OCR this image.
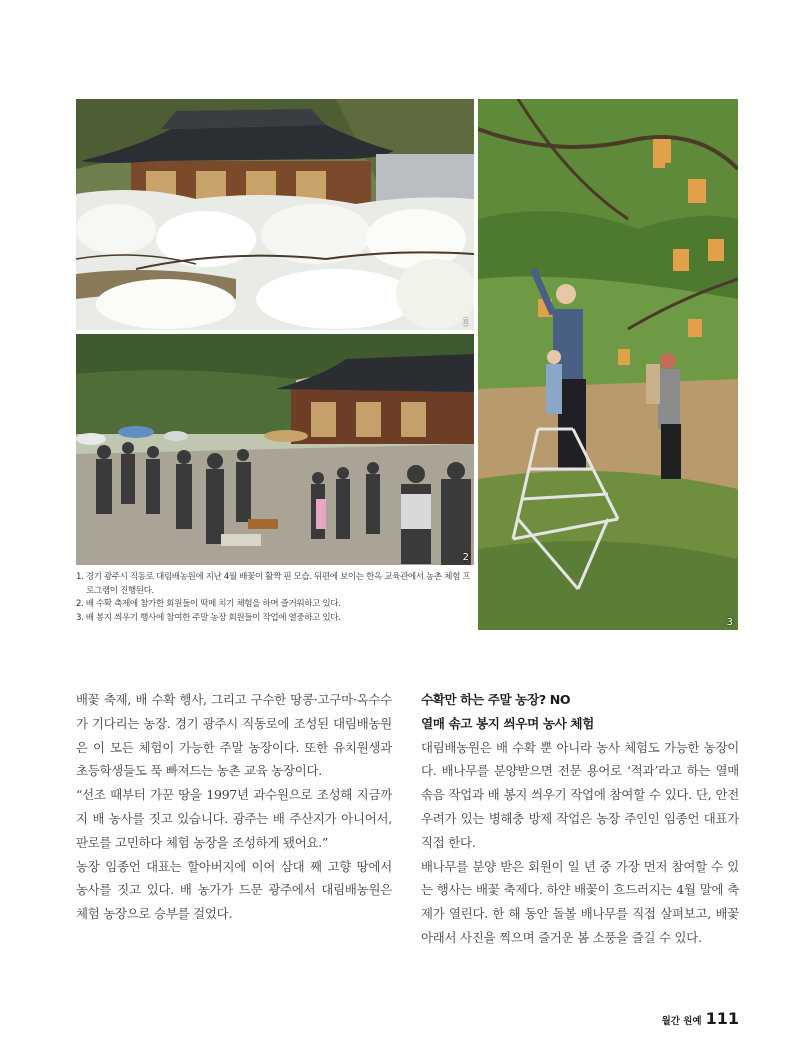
1
2
3

1. 경기 광주시 직동로 대림배농원에 지난 4월 배꽃이 활짝 핀 모습. 뒤편에 보이는 한옥 교육관에서 농촌 체험 프로그램이 진행된다.

2. 배 수확 축제에 참가한 회원들이 떡메 치기 체험을 하며 즐거워하고 있다.

3. 배 봉지 씌우기 행사에 참여한 주말 농장 회원들이 작업에 열중하고 있다.

배꽃 축제, 배 수확 행사, 그리고 구수한 땅콩·고구마·옥수수가 기다리는 농장. 경기 광주시 직동로에 조성된 대림배농원은 이 모든 체험이 가능한 주말 농장이다. 또한 유치원생과 초등학생들도 푹 빠져드는 농촌 교육 농장이다.

“선조 때부터 가꾼 땅을 1997년 과수원으로 조성해 지금까지 배 농사를 짓고 있습니다. 광주는 배 주산지가 아니어서, 판로를 고민하다 체험 농장을 조성하게 됐어요.”

농장 임종언 대표는 할아버지에 이어 삼대 째 고향 땅에서 농사를 짓고 있다. 배 농가가 드문 광주에서 대림배농원은 체험 농장으로 승부를 걸었다.

수확만 하는 주말 농장? NO

열매 솎고 봉지 씌우며 농사 체험

대림배농원은 배 수확 뿐 아니라 농사 체험도 가능한 농장이다. 배나무를 분양받으면 전문 용어로 ‘적과’라고 하는 열매 솎음 작업과 배 봉지 씌우기 작업에 참여할 수 있다. 단, 안전 우려가 있는 병해충 방제 작업은 농장 주인인 임종언 대표가 직접 한다.

배나무를 분양 받은 회원이 일 년 중 가장 먼저 참여할 수 있는 행사는 배꽃 축제다. 하얀 배꽃이 흐드러지는 4월 말에 축제가 열린다. 한 해 동안 돌볼 배나무를 직접 살펴보고, 배꽃 아래서 사진을 찍으며 즐거운 봄 소풍을 즐길 수 있다.

월간 원예 111
